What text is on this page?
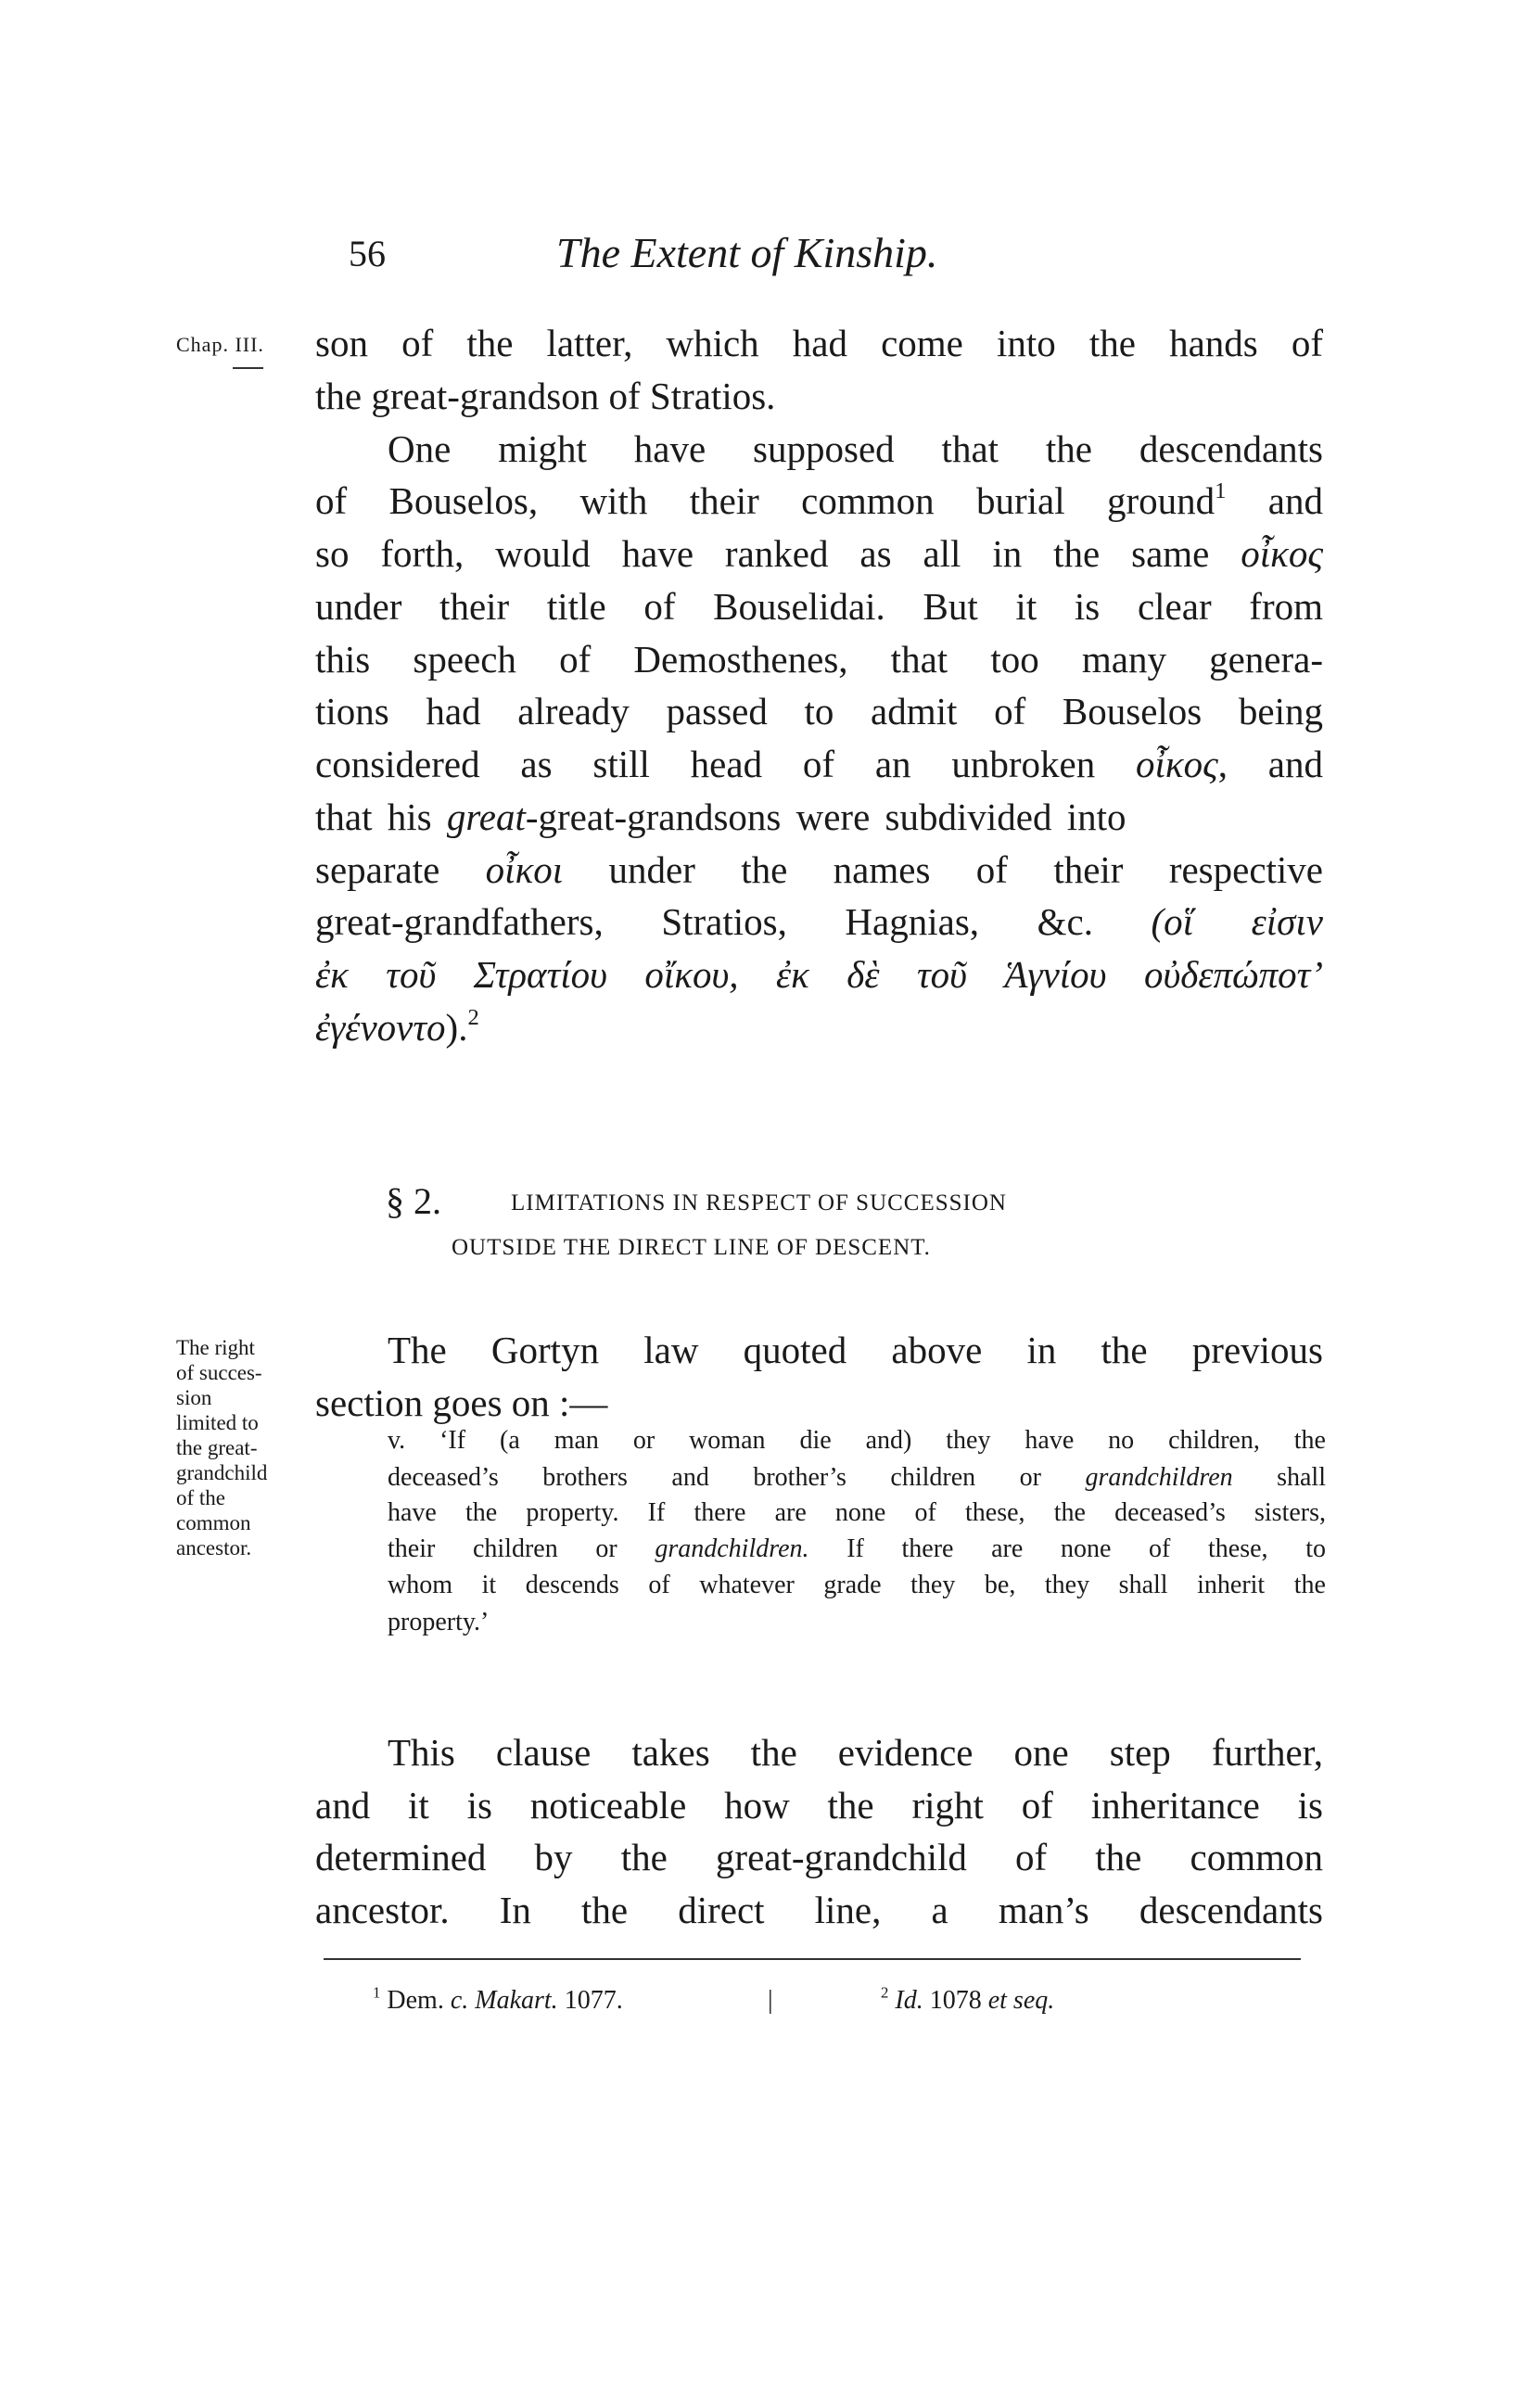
56	The Extent of Kinship.
Chap. III.
§ 2.	LIMITATIONS IN RESPECT OF SUCCESSION
OUTSIDE THE DIRECT LINE OF DESCENT.
The right
of succes-
sion
limited to
the great-
grandchild
of the
common
ancestor.
son of the latter, which had come into the hands of
the great-grandson of Stratios.
One might have supposed that the descendants
of Bouselos, with their common burial ground$^1$ and
so forth, would have ranked as all in the same οἶκος
under their title of Bouselidai. But it is clear from
this speech of Demosthenes, that too many genera-
tions had already passed to admit of Bouselos being
considered as still head of an unbroken οἶκος, and
that his great-great-grandsons were subdivided into
separate οἶκοι under the names of their respective
great-grandfathers, Stratios, Hagnias, &c. (οἵ εἰσιν
ἐκ τοῦ Στρατίου οἴκου, ἐκ δὲ τοῦ Ἁγνίου οὐδεπώποτ’
ἐγένοντο).$^2$
The Gortyn law quoted above in the previous
section goes on :—
v. ‘If (a man or woman die and) they have no children, the
deceased’s brothers and brother’s children or grandchildren shall
have the property. If there are none of these, the deceased’s sisters,
their children or grandchildren. If there are none of these, to
whom it descends of whatever grade they be, they shall inherit the
property.’
This clause takes the evidence one step further,
and it is noticeable how the right of inheritance is
determined by the great-grandchild of the common
ancestor. In the direct line, a man’s descendants
$^1$ Dem. c. Makart. 1077.	|	$^2$ Id. 1078 et seq.
